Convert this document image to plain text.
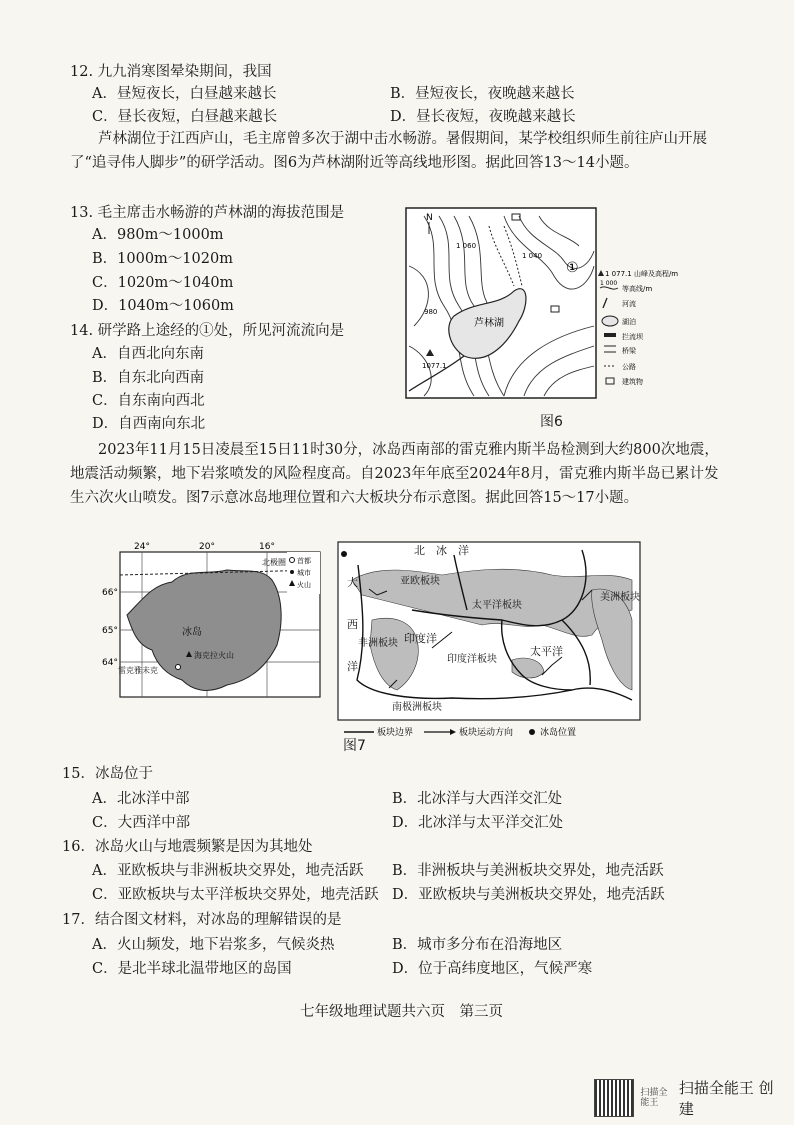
12. 九九消寒图晕染期间，我国
A．昼短夜长，白昼越来越长	B．昼短夜长，夜晚越来越长
C．昼长夜短，白昼越来越长	D．昼长夜短，夜晚越来越长
芦林湖位于江西庐山，毛主席曾多次于湖中击水畅游。暑假期间，某学校组织师生前往庐山开展了“追寻伟人脚步”的研学活动。图6为芦林湖附近等高线地形图。据此回答13～14小题。
13. 毛主席击水畅游的芦林湖的海拔范围是
A．980m～1000m
B．1000m～1020m
C．1020m～1040m
D．1040m～1060m
14. 研学路上途经的①处，所见河流流向是
A．自西北向东南
B．自东北向西南
C．自东南向西北
D．自西南向东北
N
芦林湖
1 060
1 040
980
1077.1
①	1 077.1 山峰及高程/m
1 000
等高线/m
河流
湖泊
拦流坝
桥梁
公路
建筑物
图6
2023年11月15日凌晨至15日11时30分，冰岛西南部的雷克雅内斯半岛检测到大约800次地震，地震活动频繁，地下岩浆喷发的风险程度高。自2023年年底至2024年8月，雷克雅内斯半岛已累计发生六次火山喷发。图7示意冰岛地理位置和六大板块分布示意图。据此回答15～17小题。
24°	20°	16°
66°
65°
64°
北极圈
冰岛
海克拉火山
雷克雅未克
首都
城市
火山
北　冰　洋
亚欧板块
大
西
洋
非洲板块 印度洋
印度洋板块
太平洋板块
太平洋
美洲板块
南极洲板块
板块边界	板块运动方向	冰岛位置
图7
15．冰岛位于
A．北冰洋中部	B．北冰洋与大西洋交汇处
C．大西洋中部	D．北冰洋与太平洋交汇处
16．冰岛火山与地震频繁是因为其地处
A．亚欧板块与非洲板块交界处，地壳活跃 B．非洲板块与美洲板块交界处，地壳活跃
C．亚欧板块与太平洋板块交界处，地壳活跃 D．亚欧板块与美洲板块交界处，地壳活跃
17．结合图文材料，对冰岛的理解错误的是
A．火山频发，地下岩浆多，气候炎热	B．城市多分布在沿海地区
C．是北半球北温带地区的岛国	D．位于高纬度地区，气候严寒
七年级地理试题共六页　第三页
扫描全能王
扫描全能王 创建
